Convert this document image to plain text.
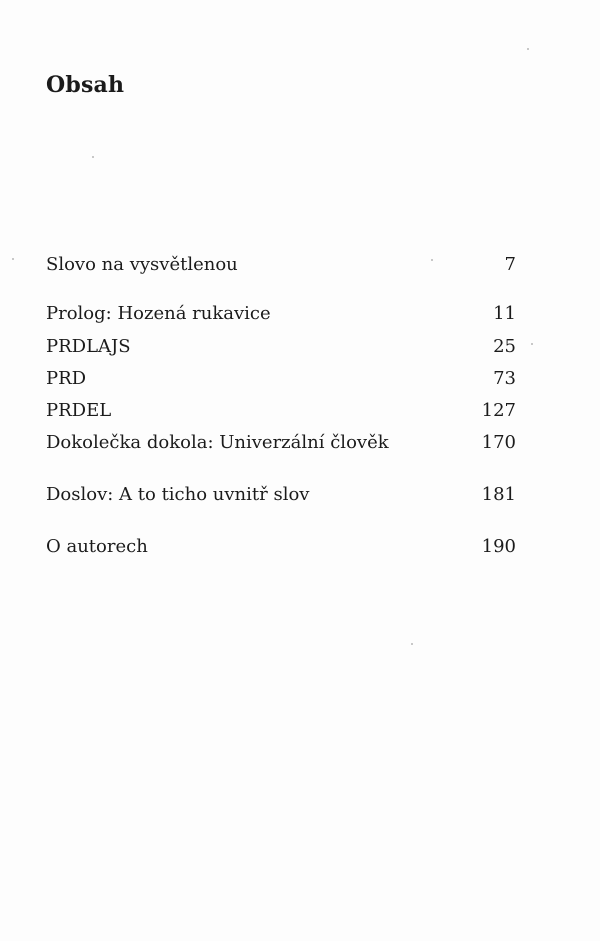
Obsah
Slovo na vysvětlenou	7
Prolog: Hozená rukavice	11
PRDLAJS	25
PRD	73
PRDEL	127
Dokolečka dokola: Univerzální člověk	170
Doslov: A to ticho uvnitř slov	181
O autorech	190
